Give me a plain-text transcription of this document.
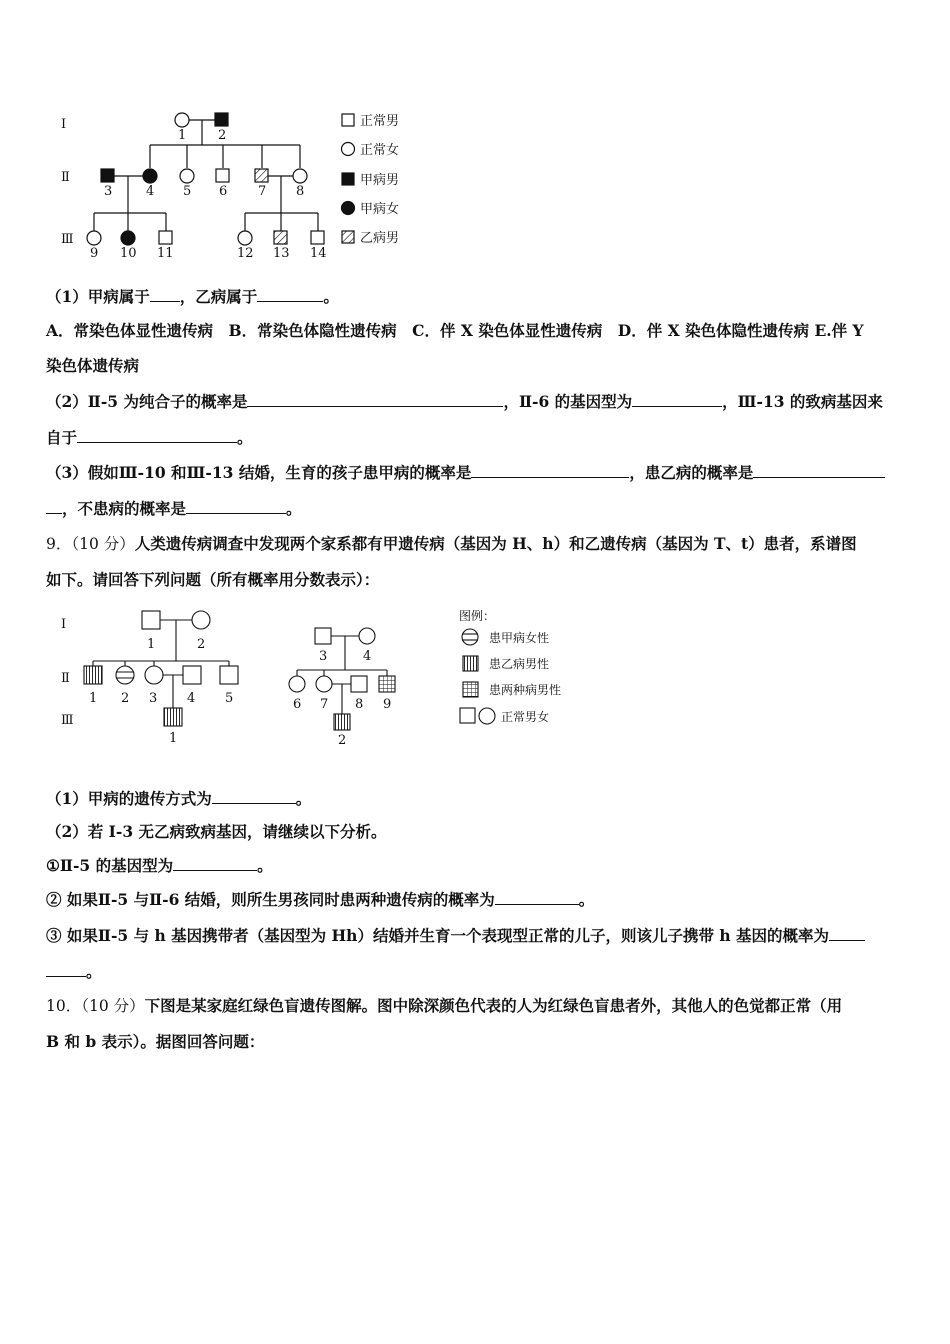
Ⅰ
Ⅱ
Ⅲ
1 2
3	4 5 6 7 8
9 10 11	12 13 14
正常男
正常女
甲病男
甲病女
乙病男
（1）甲病属于 ，乙病属于	。
A．常染色体显性遗传病　B．常染色体隐性遗传病　C．伴 X 染色体显性遗传病　D．伴 X 染色体隐性遗传病 E.伴 Y
染色体遗传病
（2）Ⅱ-5 为纯合子的概率是	，Ⅱ-6 的基因型为	，Ⅲ-13 的致病基因来
自于	。
（3）假如Ⅲ-10 和Ⅲ-13 结婚，生育的孩子患甲病的概率是	，患乙病的概率是
，不患病的概率是	。
9．（10 分）人类遗传病调查中发现两个家系都有甲遗传病（基因为 H、h）和乙遗传病（基因为 T、t）患者，系谱图
如下。请回答下列问题（所有概率用分数表示）：
Ⅰ
Ⅱ
Ⅲ
1	2
1 2 3 4 5
1
3	4
6 7 8 9
2
图例：
患甲病女性
患乙病男性
患两种病男性
正常男女
（1）甲病的遗传方式为	。
（2）若 I-3 无乙病致病基因，请继续以下分析。
①Ⅱ-5 的基因型为	。
② 如果Ⅱ-5 与Ⅱ-6 结婚，则所生男孩同时患两种遗传病的概率为	。
③ 如果Ⅱ-5 与 h 基因携带者（基因型为 Hh）结婚并生育一个表现型正常的儿子，则该儿子携带 h 基因的概率为
。
10．（10 分）下图是某家庭红绿色盲遗传图解。图中除深颜色代表的人为红绿色盲患者外，其他人的色觉都正常（用
B 和 b 表示）。据图回答问题：
